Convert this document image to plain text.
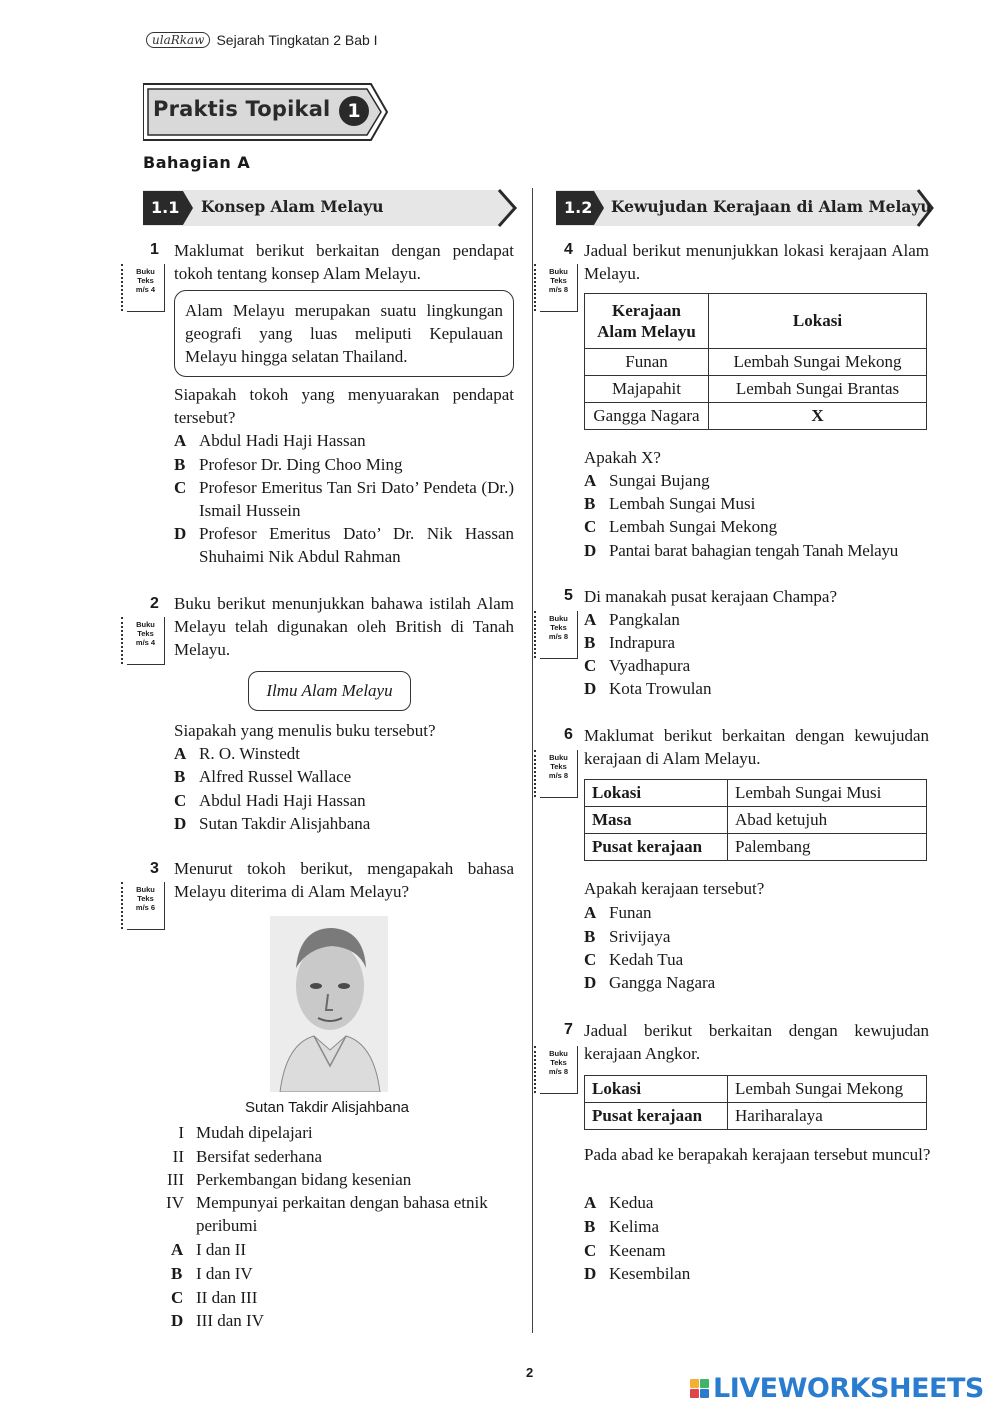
ulaRkaw Sejarah Tingkatan 2 Bab I
Praktis Topikal 1
Bahagian A
1.1	Konsep Alam Melayu	1.2	Kewujudan Kerajaan di Alam Melayu
1
Buku
Teks
m/s 4
Maklumat berikut berkaitan dengan pendapat tokoh tentang konsep Alam Melayu.
Alam Melayu merupakan suatu lingkungan geografi yang luas meliputi Kepulauan Melayu hingga selatan Thailand.
Siapakah tokoh yang menyuarakan pendapat tersebut?
A Abdul Hadi Haji Hassan
B Profesor Dr. Ding Choo Ming
C Profesor Emeritus Tan Sri Dato’ Pendeta (Dr.) Ismail Hussein
D Profesor Emeritus Dato’ Dr. Nik Hassan Shuhaimi Nik Abdul Rahman
2
Buku
Teks
m/s 4
Buku berikut menunjukkan bahawa istilah Alam Melayu telah digunakan oleh British di Tanah Melayu.
Ilmu Alam Melayu
Siapakah yang menulis buku tersebut?
A R. O. Winstedt
B Alfred Russel Wallace
C Abdul Hadi Haji Hassan
D Sutan Takdir Alisjahbana
3
Buku
Teks
m/s 6
Menurut tokoh berikut, mengapakah bahasa Melayu diterima di Alam Melayu?
Sutan Takdir Alisjahbana
I Mudah dipelajari
II Bersifat sederhana
III Perkembangan bidang kesenian
IV Mempunyai perkaitan dengan bahasa etnik peribumi
A I dan II
B I dan IV
C II dan III
D III dan IV
4
Buku
Teks
m/s 8
Jadual berikut menunjukkan lokasi kerajaan Alam Melayu.
Kerajaan Alam Melayu	Lokasi
Funan	Lembah Sungai Mekong
Majapahit	Lembah Sungai Brantas
Gangga Nagara	X
Apakah X?
A Sungai Bujang
B Lembah Sungai Musi
C Lembah Sungai Mekong
D Pantai barat bahagian tengah Tanah Melayu
5
Buku
Teks
m/s 8
Di manakah pusat kerajaan Champa?
A Pangkalan
B Indrapura
C Vyadhapura
D Kota Trowulan
6
Buku
Teks
m/s 8
Maklumat berikut berkaitan dengan kewujudan kerajaan di Alam Melayu.
Lokasi	Lembah Sungai Musi
Masa	Abad ketujuh
Pusat kerajaan	Palembang
Apakah kerajaan tersebut?
A Funan
B Srivijaya
C Kedah Tua
D Gangga Nagara
7
Buku
Teks
m/s 8
Jadual berikut berkaitan dengan kewujudan kerajaan Angkor.
Lokasi	Lembah Sungai Mekong
Pusat kerajaan	Hariharalaya
Pada abad ke berapakah kerajaan tersebut muncul?
A Kedua
B Kelima
C Keenam
D Kesembilan
2
LIVEWORKSHEETS
